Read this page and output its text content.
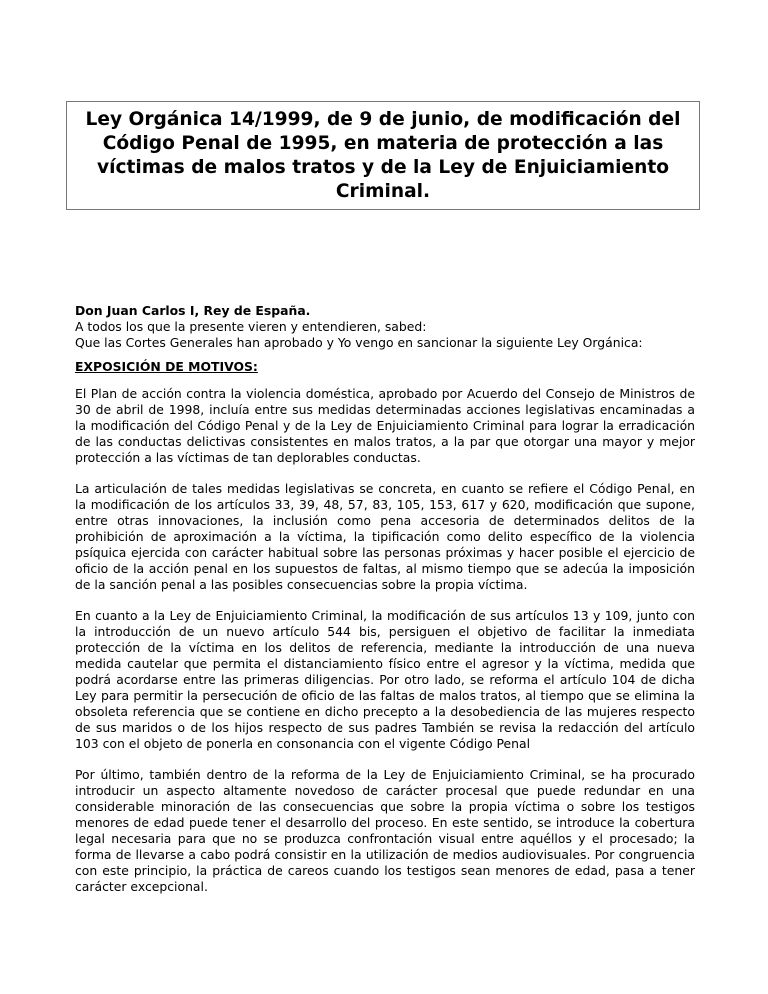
Ley Orgánica 14/1999, de 9 de junio, de modificación del Código Penal de 1995, en materia de protección a las víctimas de malos tratos y de la Ley de Enjuiciamiento Criminal.

Don Juan Carlos I, Rey de España.

A todos los que la presente vieren y entendieren, sabed:

Que las Cortes Generales han aprobado y Yo vengo en sancionar la siguiente Ley Orgánica:

EXPOSICIÓN DE MOTIVOS:

El Plan de acción contra la violencia doméstica, aprobado por Acuerdo del Consejo de Ministros de 30 de abril de 1998, incluía entre sus medidas determinadas acciones legislativas encaminadas a la modificación del Código Penal y de la Ley de Enjuiciamiento Criminal para lograr la erradicación de las conductas delictivas consistentes en malos tratos, a la par que otorgar una mayor y mejor protección a las víctimas de tan deplorables conductas.

La articulación de tales medidas legislativas se concreta, en cuanto se refiere el Código Penal, en la modificación de los artículos 33, 39, 48, 57, 83, 105, 153, 617 y 620, modificación que supone, entre otras innovaciones, la inclusión como pena accesoria de determinados delitos de la prohibición de aproximación a la víctima, la tipificación como delito específico de la violencia psíquica ejercida con carácter habitual sobre las personas próximas y hacer posible el ejercicio de oficio de la acción penal en los supuestos de faltas, al mismo tiempo que se adecúa la imposición de la sanción penal a las posibles consecuencias sobre la propia víctima.

En cuanto a la Ley de Enjuiciamiento Criminal, la modificación de sus artículos 13 y 109, junto con la introducción de un nuevo artículo 544 bis, persiguen el objetivo de facilitar la inmediata protección de la víctima en los delitos de referencia, mediante la introducción de una nueva medida cautelar que permita el distanciamiento físico entre el agresor y la víctima, medida que podrá acordarse entre las primeras diligencias. Por otro lado, se reforma el artículo 104 de dicha Ley para permitir la persecución de oficio de las faltas de malos tratos, al tiempo que se elimina la obsoleta referencia que se contiene en dicho precepto a la desobediencia de las mujeres respecto de sus maridos o de los hijos respecto de sus padres También se revisa la redacción del artículo 103 con el objeto de ponerla en consonancia con el vigente Código Penal

Por último, también dentro de la reforma de la Ley de Enjuiciamiento Criminal, se ha procurado introducir un aspecto altamente novedoso de carácter procesal que puede redundar en una considerable minoración de las consecuencias que sobre la propia víctima o sobre los testigos menores de edad puede tener el desarrollo del proceso. En este sentido, se introduce la cobertura legal necesaria para que no se produzca confrontación visual entre aquéllos y el procesado; la forma de llevarse a cabo podrá consistir en la utilización de medios audiovisuales. Por congruencia con este principio, la práctica de careos cuando los testigos sean menores de edad, pasa a tener carácter excepcional.
